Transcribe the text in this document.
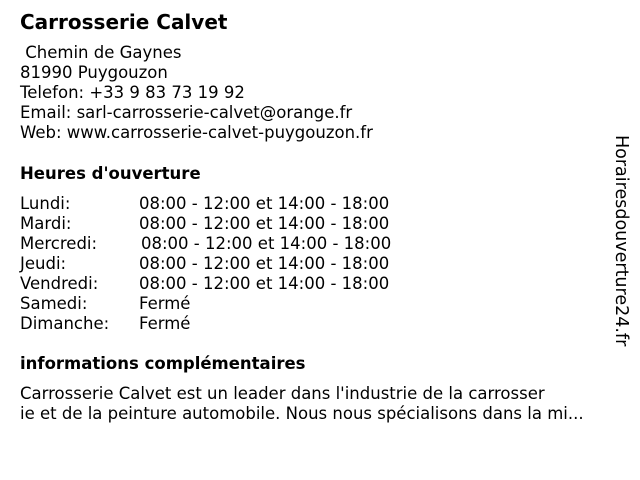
Carrosserie Calvet
Chemin de Gaynes
81990 Puygouzon
Telefon: +33 9 83 73 19 92
Email: sarl-carrosserie-calvet@orange.fr
Web: www.carrosserie-calvet-puygouzon.fr
Heures d'ouverture
Lundi:	08:00 - 12:00 et 14:00 - 18:00
Mardi:	08:00 - 12:00 et 14:00 - 18:00
Mercredi:	08:00 - 12:00 et 14:00 - 18:00
Jeudi:	08:00 - 12:00 et 14:00 - 18:00
Vendredi: 08:00 - 12:00 et 14:00 - 18:00
Samedi:	Fermé
Dimanche: Fermé
informations complémentaires
Carrosserie Calvet est un leader dans l'industrie de la carrosser
ie et de la peinture automobile. Nous nous spécialisons dans la mi...
Horairesdouverture24.fr
